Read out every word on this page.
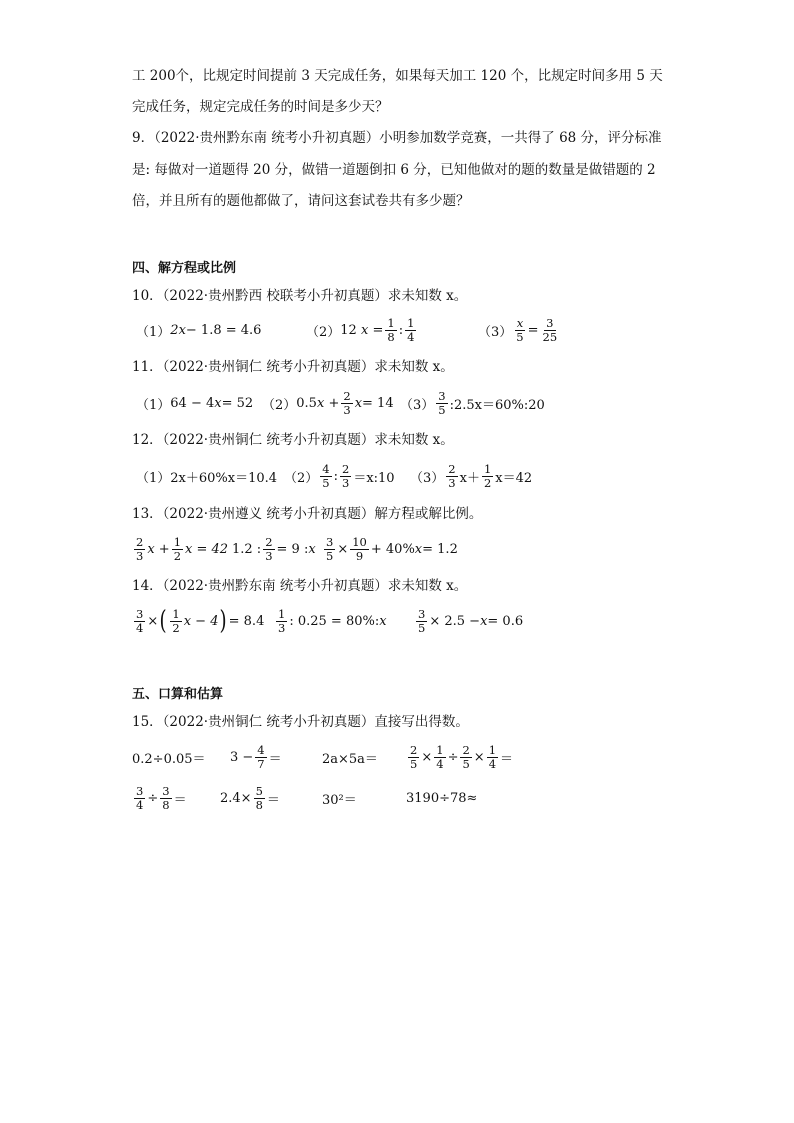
工 200个，比规定时间提前 3 天完成任务，如果每天加工 120 个，比规定时间多用 5 天
完成任务，规定完成任务的时间是多少天？
9．（2022·贵州黔东南 统考小升初真题）小明参加数学竞赛，一共得了 68 分，评分标准
是: 每做对一道题得 20 分，做错一道题倒扣 6 分，已知他做对的题的数量是做错题的 2
倍，并且所有的题他都做了，请问这套试卷共有多少题？
四、解方程或比例
10．（2022·贵州黔西 校联考小升初真题）求未知数 x。
（1） 2 x − 1.8 = 4.6	（2） 12
x
= $\frac{1}{8}$ : $\frac{1}{4}$	$(3) \frac{x}{5} = \frac{3}{25}$
11．（2022·贵州铜仁 统考小升初真题）求未知数 x。
（1） 64 − 4 x = 52 （2） 0.5 x
+ $\frac{2}{3}$ x = 14 $(3) \frac{3}{5}$ :2.5x＝60%:20
12．（2022·贵州铜仁 统考小升初真题）求未知数 x。
（1） 2x＋60%x＝10.4 $(2) \frac{4}{5}$ : $\frac{2}{3}$ ＝x:10 $(3) \frac{2}{3} x+ \frac{1}{2} x=42$
13．（2022·贵州遵义 统考小升初真题）解方程或解比例。
$\frac{2}{3}$ $x + \frac{1}{2}$ x = 42 1.2 : $\frac{2}{3} = 9$ : x $\frac{3}{5} \times \frac{10}{9} + 40\%$ x = 1.2
14．（2022·贵州黔东南 统考小升初真题）求未知数 x。
$\frac{3}{4}$ × ( $\frac{1}{2}$ x − 4 ) = $8.4 \frac{1}{3}$ : 0.25 = 80%: x	$\frac{3}{5} \times 2.5 - x = 0.6$
五、口算和估算
15．（2022·贵州铜仁 统考小升初真题）直接写出得数。
$0.2\div 0.05= 3 - \frac{4}{7}$ ＝	2a×5a＝	$\frac{2}{5} \times \frac{1}{4} \div \frac{2}{5} \times \frac{1}{4}$ ＝
$\frac{3}{4} \div \frac{3}{8}$ ＝	$2.4\times \frac{5}{8}$ ＝	30²＝	3190÷78≈
